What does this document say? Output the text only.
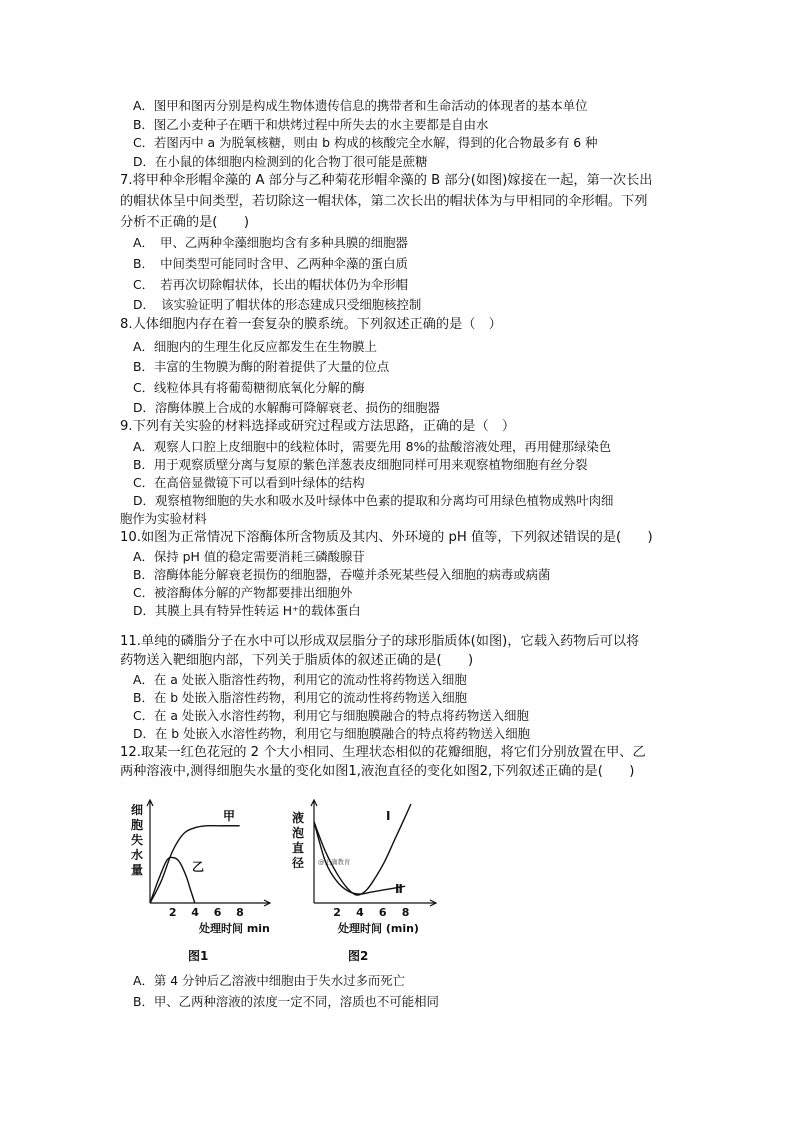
A．图甲和图丙分别是构成生物体遗传信息的携带者和生命活动的体现者的基本单位
B．图乙小麦种子在晒干和烘烤过程中所失去的水主要都是自由水
C．若图丙中 a 为脱氧核糖，则由 b 构成的核酸完全水解，得到的化合物最多有 6 种
D．在小鼠的体细胞内检测到的化合物丁很可能是蔗糖
7.将甲种伞形帽伞藻的 A 部分与乙种菊花形帽伞藻的 B 部分(如图)嫁接在一起，第一次长出
的帽状体呈中间类型，若切除这一帽状体，第二次长出的帽状体为与甲相同的伞形帽。下列
分析不正确的是(　　)
A．　甲、乙两种伞藻细胞均含有多种具膜的细胞器
B．　中间类型可能同时含甲、乙两种伞藻的蛋白质
C．　若再次切除帽状体，长出的帽状体仍为伞形帽
D．　该实验证明了帽状体的形态建成只受细胞核控制
8.人体细胞内存在着一套复杂的膜系统。下列叙述正确的是（　）
A．细胞内的生理生化反应都发生在生物膜上
B．丰富的生物膜为酶的附着提供了大量的位点
C．线粒体具有将葡萄糖彻底氧化分解的酶
D．溶酶体膜上合成的水解酶可降解衰老、损伤的细胞器
9.下列有关实验的材料选择或研究过程或方法思路，正确的是（　）
A．观察人口腔上皮细胞中的线粒体时，需要先用 8%的盐酸溶液处理，再用健那绿染色
B．用于观察质壁分离与复原的紫色洋葱表皮细胞同样可用来观察植物细胞有丝分裂
C．在高倍显微镜下可以看到叶绿体的结构
D．观察植物细胞的失水和吸水及叶绿体中色素的提取和分离均可用绿色植物成熟叶肉细
胞作为实验材料
10.如图为正常情况下溶酶体所含物质及其内、外环境的 pH 值等，下列叙述错误的是(　　)
A．保持 pH 值的稳定需要消耗三磷酸腺苷
B．溶酶体能分解衰老损伤的细胞器，吞噬并杀死某些侵入细胞的病毒或病菌
C．被溶酶体分解的产物都要排出细胞外
D．其膜上具有特异性转运 H⁺的载体蛋白
11.单纯的磷脂分子在水中可以形成双层脂分子的球形脂质体(如图)，它载入药物后可以将
药物送入靶细胞内部，下列关于脂质体的叙述正确的是(　　)
A．在 a 处嵌入脂溶性药物，利用它的流动性将药物送入细胞
B．在 b 处嵌入脂溶性药物，利用它的流动性将药物送入细胞
C．在 a 处嵌入水溶性药物，利用它与细胞膜融合的特点将药物送入细胞
D．在 b 处嵌入水溶性药物，利用它与细胞膜融合的特点将药物送入细胞
12.取某一红色花冠的 2 个大小相同、生理状态相似的花瓣细胞，将它们分别放置在甲、乙
两种溶液中,测得细胞失水量的变化如图1,液泡直径的变化如图2,下列叙述正确的是(　　)
细
胞
失
水
量
甲
乙
2 4 6 8
处理时间 min
图1
液
泡
直
径 @正确教育
Ⅰ
Ⅱ
2 4 6 8
处理时间 (min)
图2
A．第 4 分钟后乙溶液中细胞由于失水过多而死亡
B．甲、乙两种溶液的浓度一定不同，溶质也不可能相同
